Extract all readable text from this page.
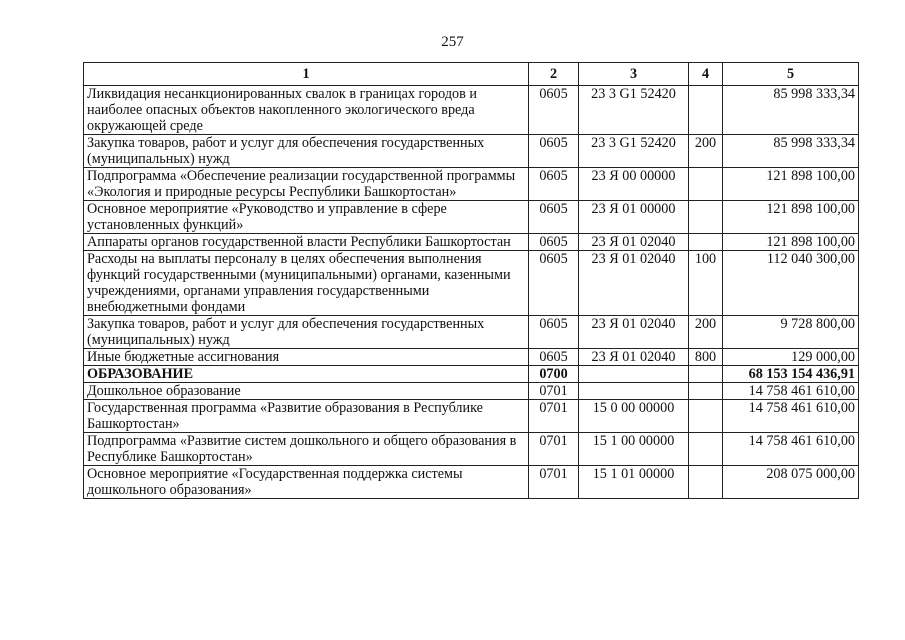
257
1	2	3	4	5
Ликвидация несанкционированных свалок в границах городов и наиболее опасных объектов накопленного экологического вреда окружающей среде	0605	23 3 G1 52420		85 998 333,34
Закупка товаров, работ и услуг для обеспечения государственных (муниципальных) нужд	0605	23 3 G1 52420	200	85 998 333,34
Подпрограмма «Обеспечение реализации государственной программы «Экология и природные ресурсы Республики Башкортостан»	0605	23 Я 00 00000		121 898 100,00
Основное мероприятие «Руководство и управление в сфере установленных функций»	0605	23 Я 01 00000		121 898 100,00
Аппараты органов государственной власти Республики Башкортостан	0605	23 Я 01 02040		121 898 100,00
Расходы на выплаты персоналу в целях обеспечения выполнения функций государственными (муниципальными) органами, казенными учреждениями, органами управления государственными внебюджетными фондами	0605	23 Я 01 02040	100	112 040 300,00
Закупка товаров, работ и услуг для обеспечения государственных (муниципальных) нужд	0605	23 Я 01 02040	200	9 728 800,00
Иные бюджетные ассигнования	0605	23 Я 01 02040	800	129 000,00
ОБРАЗОВАНИЕ	0700			68 153 154 436,91
Дошкольное образование	0701			14 758 461 610,00
Государственная программа «Развитие образования в Республике Башкортостан»	0701	15 0 00 00000		14 758 461 610,00
Подпрограмма «Развитие систем дошкольного и общего образования в Республике Башкортостан»	0701	15 1 00 00000		14 758 461 610,00
Основное мероприятие «Государственная поддержка системы дошкольного образования»	0701	15 1 01 00000		208 075 000,00
